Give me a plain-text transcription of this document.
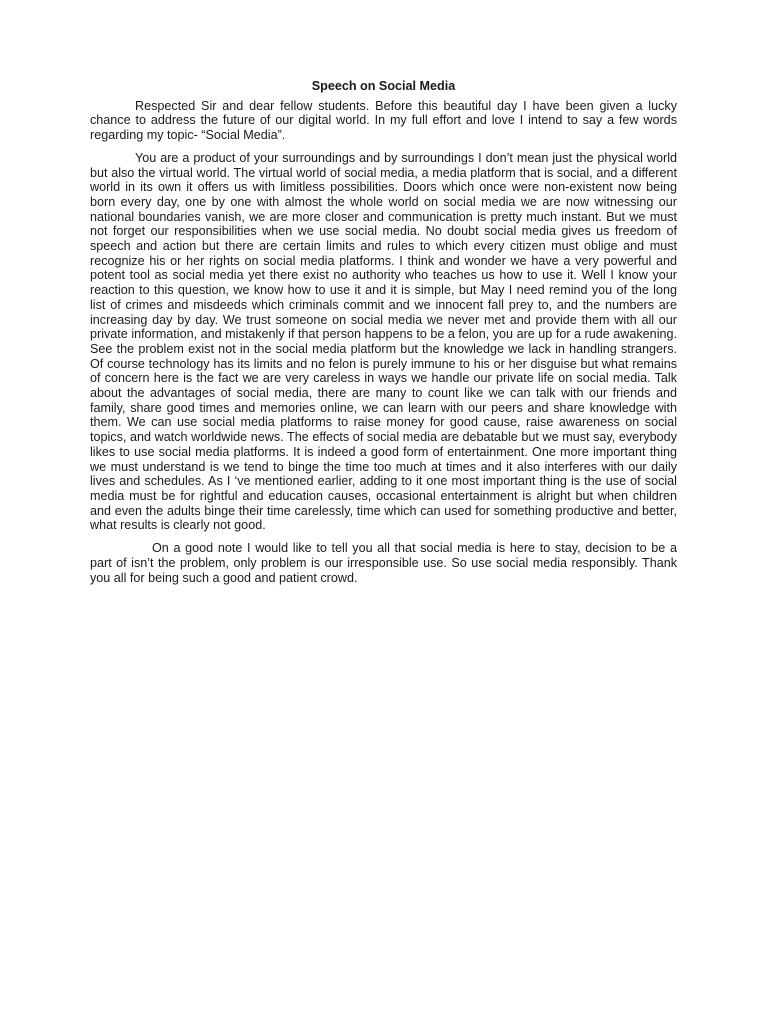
Speech on Social Media

Respected Sir and dear fellow students. Before this beautiful day I have been given a lucky chance to address the future of our digital world. In my full effort and love I intend to say a few words regarding my topic- “Social Media”.

You are a product of your surroundings and by surroundings I don’t mean just the physical world but also the virtual world. The virtual world of social media, a media platform that is social, and a different world in its own it offers us with limitless possibilities. Doors which once were non-existent now being born every day, one by one with almost the whole world on social media we are now witnessing our national boundaries vanish, we are more closer and communication is pretty much instant. But we must not forget our responsibilities when we use social media. No doubt social media gives us freedom of speech and action but there are certain limits and rules to which every citizen must oblige and must recognize his or her rights on social media platforms. I think and wonder we have a very powerful and potent tool as social media yet there exist no authority who teaches us how to use it. Well I know your reaction to this question, we know how to use it and it is simple, but May I need remind you of the long list of crimes and misdeeds which criminals commit and we innocent fall prey to, and the numbers are increasing day by day. We trust someone on social media we never met and provide them with all our private information, and mistakenly if that person happens to be a felon, you are up for a rude awakening. See the problem exist not in the social media platform but the knowledge we lack in handling strangers. Of course technology has its limits and no felon is purely immune to his or her disguise but what remains of concern here is the fact we are very careless in ways we handle our private life on social media. Talk about the advantages of social media, there are many to count like we can talk with our friends and family, share good times and memories online, we can learn with our peers and share knowledge with them. We can use social media platforms to raise money for good cause, raise awareness on social topics, and watch worldwide news. The effects of social media are debatable but we must say, everybody likes to use social media platforms. It is indeed a good form of entertainment. One more important thing we must understand is we tend to binge the time too much at times and it also interferes with our daily lives and schedules. As I ‘ve mentioned earlier, adding to it one most important thing is the use of social media must be for rightful and education causes, occasional entertainment is alright but when children and even the adults binge their time carelessly, time which can used for something productive and better, what results is clearly not good.

On a good note I would like to tell you all that social media is here to stay, decision to be a part of isn’t the problem, only problem is our irresponsible use. So use social media responsibly. Thank you all for being such a good and patient crowd.
